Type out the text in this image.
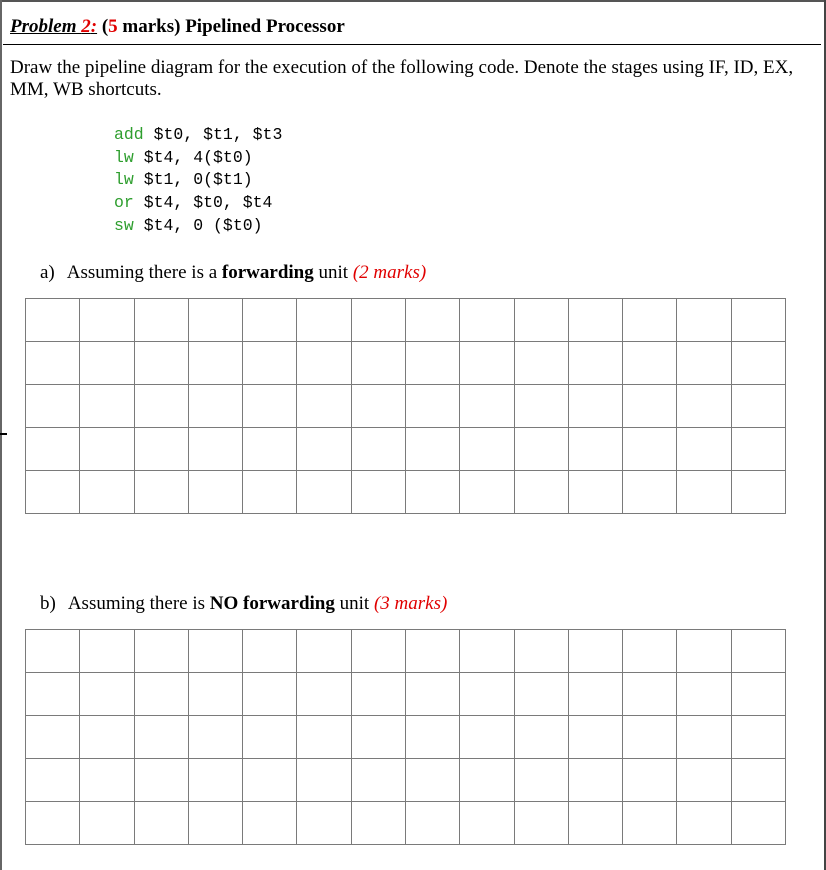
Problem 2: (5 marks) Pipelined Processor
Draw the pipeline diagram for the execution of the following code. Denote the stages using IF, ID, EX, MM, WB shortcuts.
add $t0, $t1, $t3
lw $t4, 4($t0)
lw $t1, 0($t1)
or $t4, $t0, $t4
sw $t4, 0 ($t0)
a) Assuming there is a forwarding unit (2 marks)

b) Assuming there is NO forwarding unit (3 marks)
